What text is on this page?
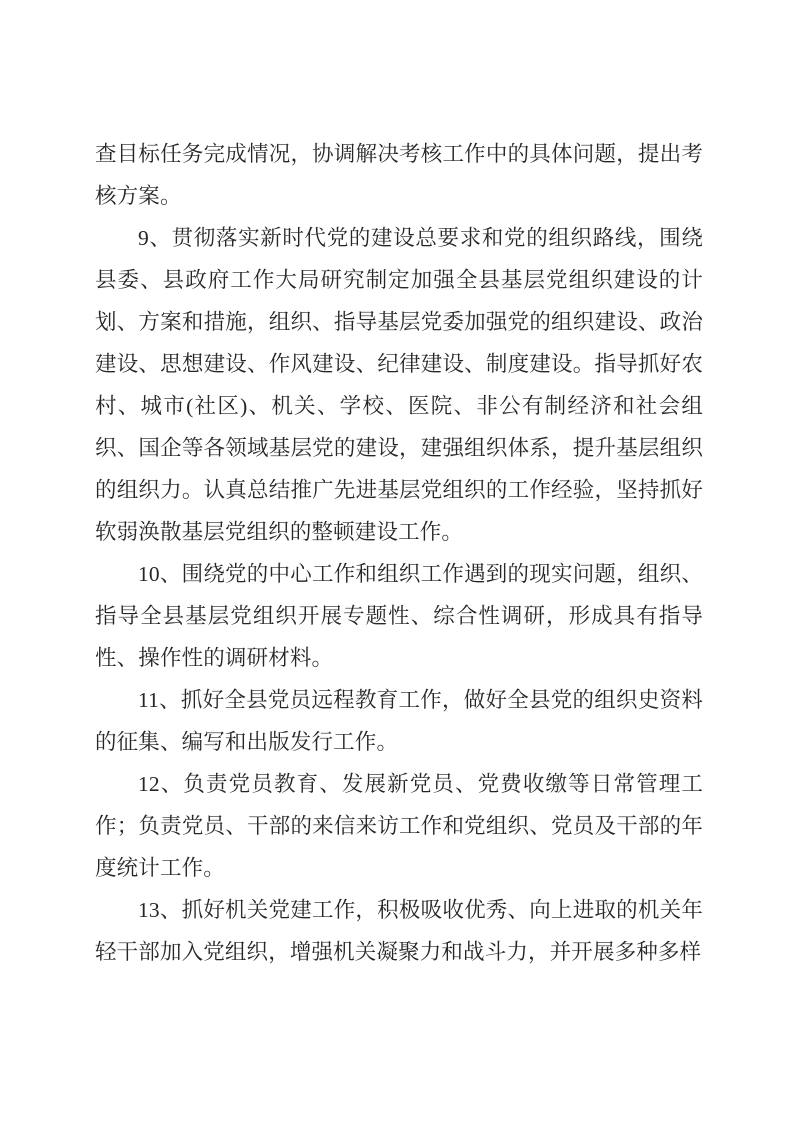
查目标任务完成情况，协调解决考核工作中的具体问题，提出考核方案。

9、贯彻落实新时代党的建设总要求和党的组织路线，围绕县委、县政府工作大局研究制定加强全县基层党组织建设的计划、方案和措施，组织、指导基层党委加强党的组织建设、政治建设、思想建设、作风建设、纪律建设、制度建设。指导抓好农村、城市(社区)、机关、学校、医院、非公有制经济和社会组织、国企等各领域基层党的建设，建强组织体系，提升基层组织的组织力。认真总结推广先进基层党组织的工作经验，坚持抓好软弱涣散基层党组织的整顿建设工作。

10、围绕党的中心工作和组织工作遇到的现实问题，组织、指导全县基层党组织开展专题性、综合性调研，形成具有指导性、操作性的调研材料。

11、抓好全县党员远程教育工作，做好全县党的组织史资料的征集、编写和出版发行工作。

12、负责党员教育、发展新党员、党费收缴等日常管理工作；负责党员、干部的来信来访工作和党组织、党员及干部的年度统计工作。

13、抓好机关党建工作，积极吸收优秀、向上进取的机关年轻干部加入党组织，增强机关凝聚力和战斗力，并开展多种多样
